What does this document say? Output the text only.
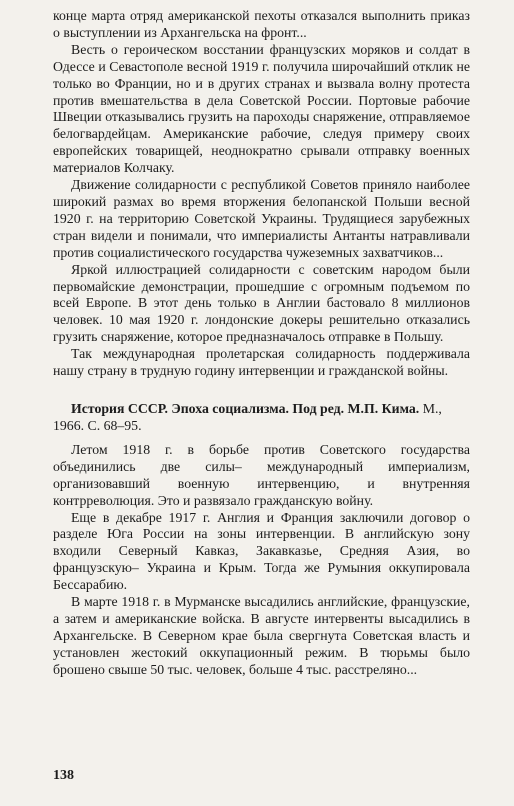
конце марта отряд американской пехоты отказался выполнить приказ о выступлении из Архангельска на фронт...

Весть о героическом восстании французских моряков и солдат в Одессе и Севастополе весной 1919 г. получила широчайший отклик не только во Франции, но и в других странах и вызвала волну протеста против вмешательства в дела Советской России. Портовые рабочие Швеции отказывались грузить на пароходы снаряжение, отправляемое белогвардейцам. Американские рабочие, следуя примеру своих европейских товарищей, неоднократно срывали отправку военных материалов Колчаку.

Движение солидарности с республикой Советов приняло наиболее широкий размах во время вторжения белопанской Польши весной 1920 г. на территорию Советской Украины. Трудящиеся зарубежных стран видели и понимали, что империалисты Антанты натравливали против социалистического государства чужеземных захватчиков...

Яркой иллюстрацией солидарности с советским народом были первомайские демонстрации, прошедшие с огромным подъемом по всей Европе. В этот день только в Англии бастовало 8 миллионов человек. 10 мая 1920 г. лондонские докеры решительно отказались грузить снаряжение, которое предназначалось отправке в Польшу.

Так международная пролетарская солидарность поддерживала нашу страну в трудную годину интервенции и гражданской войны.

История СССР. Эпоха социализма. Под ред. М.П. Кима. М., 1966. С. 68–95.

Летом 1918 г. в борьбе против Советского государства объединились две силы– международный империализм, организовавший военную интервенцию, и внутренняя контрреволюция. Это и развязало гражданскую войну.

Еще в декабре 1917 г. Англия и Франция заключили договор о разделе Юга России на зоны интервенции. В английскую зону входили Северный Кавказ, Закавказье, Средняя Азия, во французскую– Украина и Крым. Тогда же Румыния оккупировала Бессарабию.

В марте 1918 г. в Мурманске высадились английские, французские, а затем и американские войска. В августе интервенты высадились в Архангельске. В Северном крае была свергнута Советская власть и установлен жестокий оккупационный режим. В тюрьмы было брошено свыше 50 тыс. человек, больше 4 тыс. расстреляно...

138
